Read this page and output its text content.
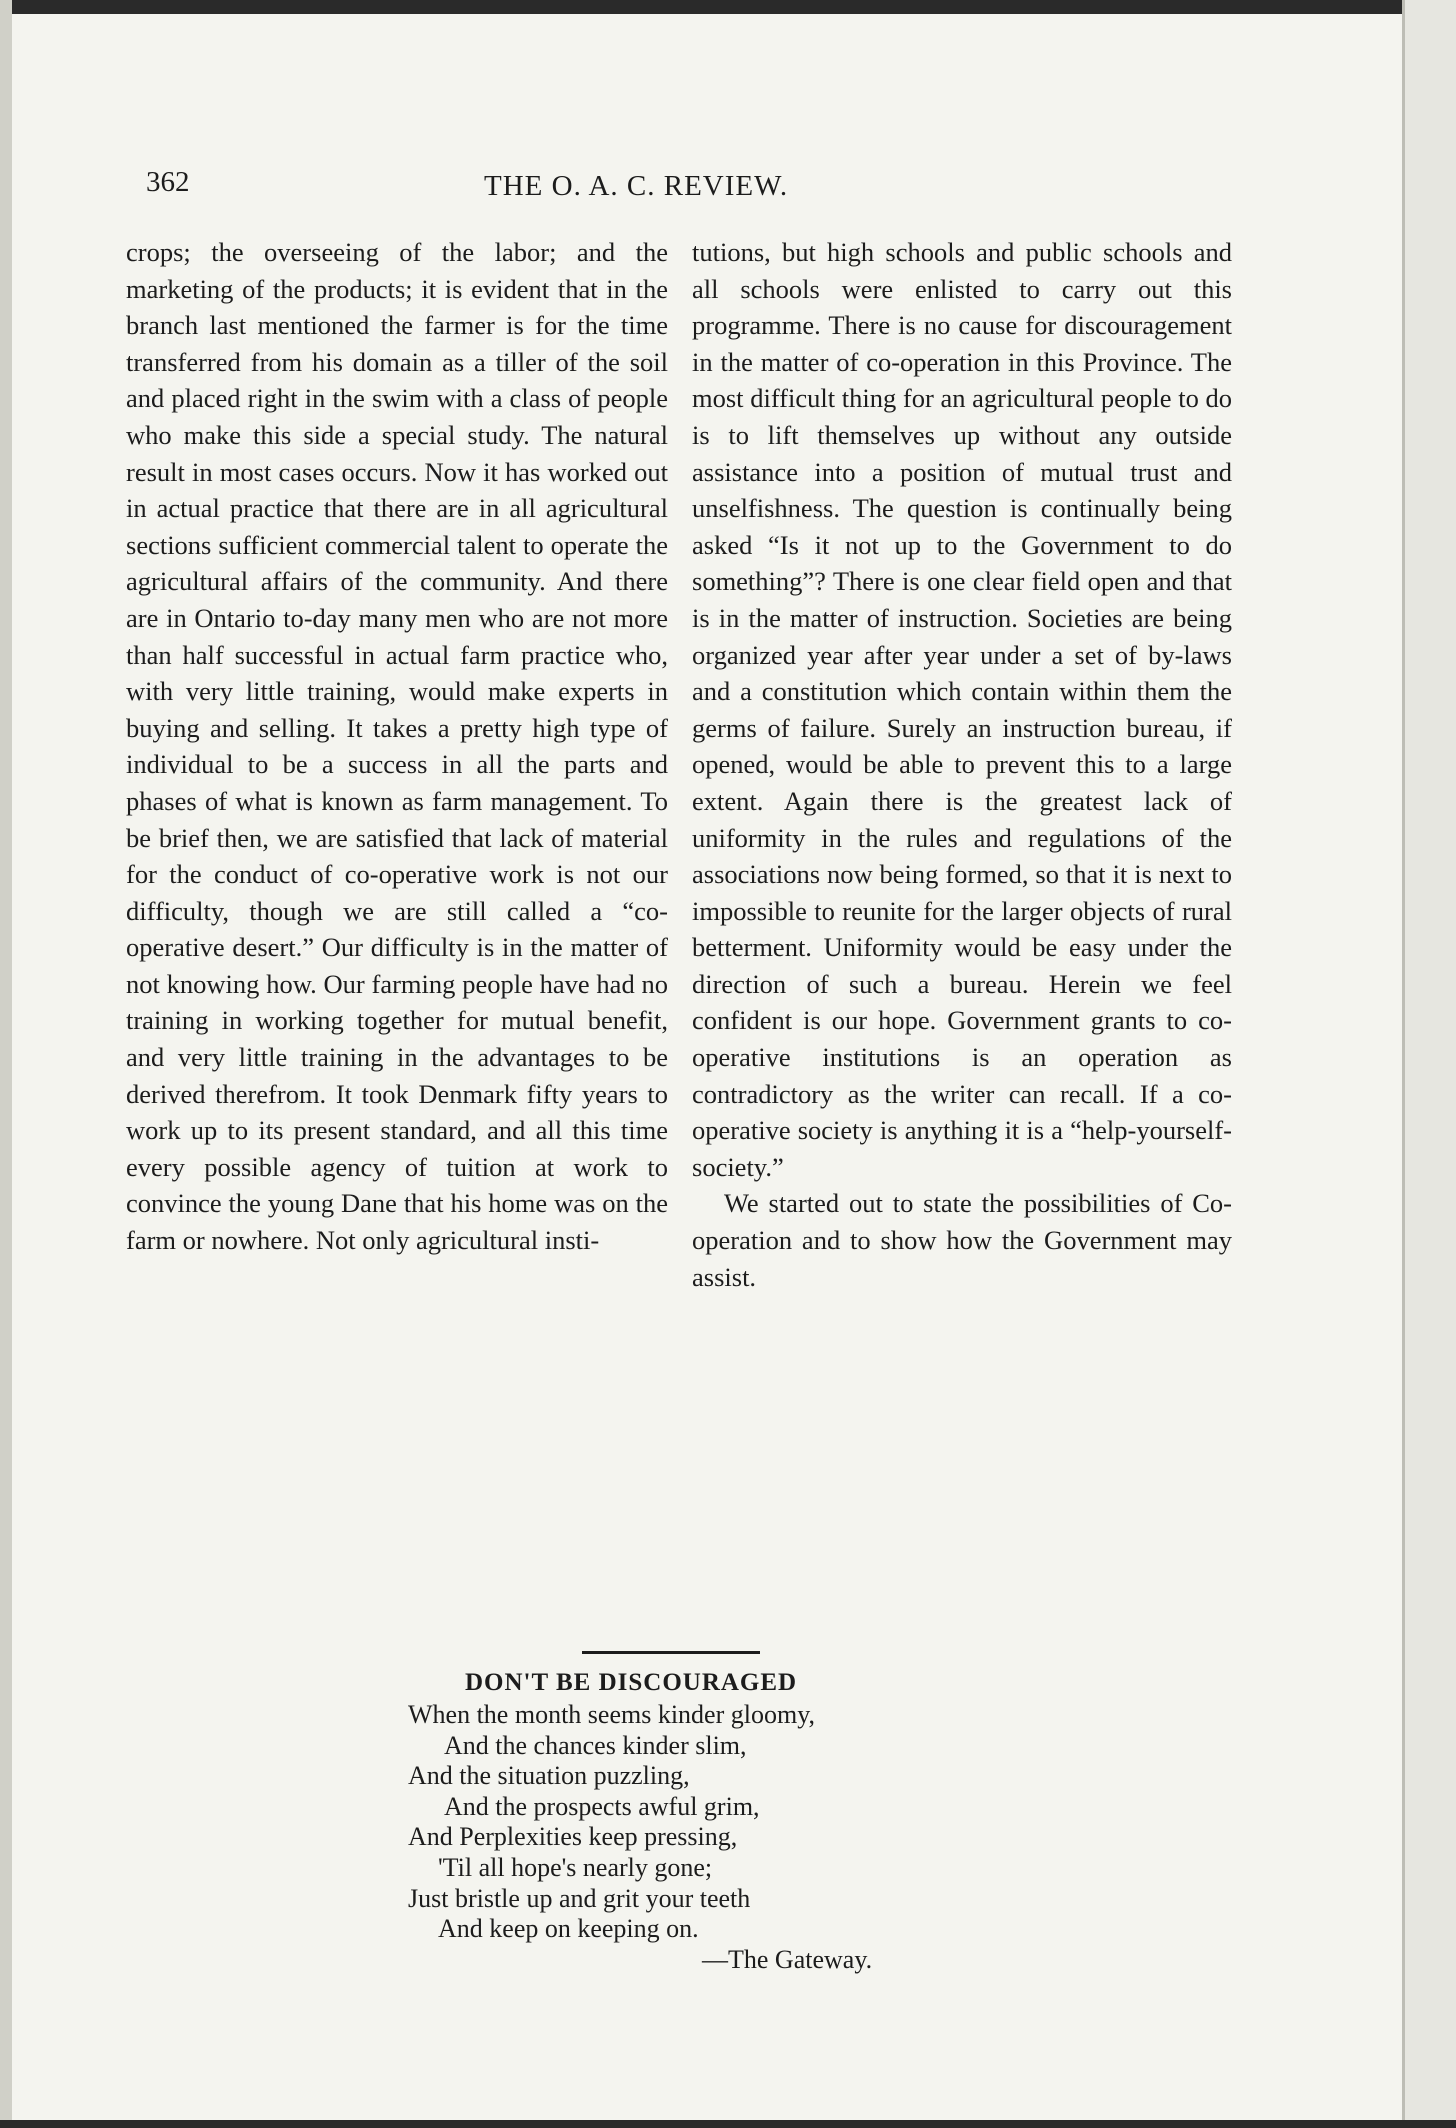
362	THE O. A. C. REVIEW.

crops; the overseeing of the labor; and the marketing of the products; it is evident that in the branch last mentioned the farmer is for the time transferred from his domain as a tiller of the soil and placed right in the swim with a class of people who make this side a special study. The natural result in most cases occurs. Now it has worked out in actual practice that there are in all agricultural sections sufficient commercial talent to operate the agricultural affairs of the community. And there are in Ontario to-day many men who are not more than half successful in actual farm practice who, with very little training, would make experts in buying and selling. It takes a pretty high type of individual to be a success in all the parts and phases of what is known as farm management. To be brief then, we are satisfied that lack of material for the conduct of co-operative work is not our difficulty, though we are still called a “co-operative desert.” Our difficulty is in the matter of not knowing how. Our farming people have had no training in working together for mutual benefit, and very little training in the advantages to be derived therefrom. It took Denmark fifty years to work up to its present standard, and all this time every possible agency of tuition at work to convince the young Dane that his home was on the farm or nowhere. Not only agricultural insti-

tutions, but high schools and public schools and all schools were enlisted to carry out this programme. There is no cause for discouragement in the matter of co-operation in this Province. The most difficult thing for an agricultural people to do is to lift themselves up without any outside assistance into a position of mutual trust and unselfishness. The question is continually being asked “Is it not up to the Government to do something”? There is one clear field open and that is in the matter of instruction. Societies are being organized year after year under a set of by-laws and a constitution which contain within them the germs of failure. Surely an instruction bureau, if opened, would be able to prevent this to a large extent. Again there is the greatest lack of uniformity in the rules and regulations of the associations now being formed, so that it is next to impossible to reunite for the larger objects of rural betterment. Uniformity would be easy under the direction of such a bureau. Herein we feel confident is our hope. Government grants to co-operative institutions is an operation as contradictory as the writer can recall. If a co-operative society is anything it is a “help-yourself-society.”

We started out to state the possibilities of Co-operation and to show how the Government may assist.

DON'T BE DISCOURAGED
When the month seems kinder gloomy,
And the chances kinder slim,
And the situation puzzling,
And the prospects awful grim,
And Perplexities keep pressing,
'Til all hope's nearly gone;
Just bristle up and grit your teeth
And keep on keeping on.
—The Gateway.
